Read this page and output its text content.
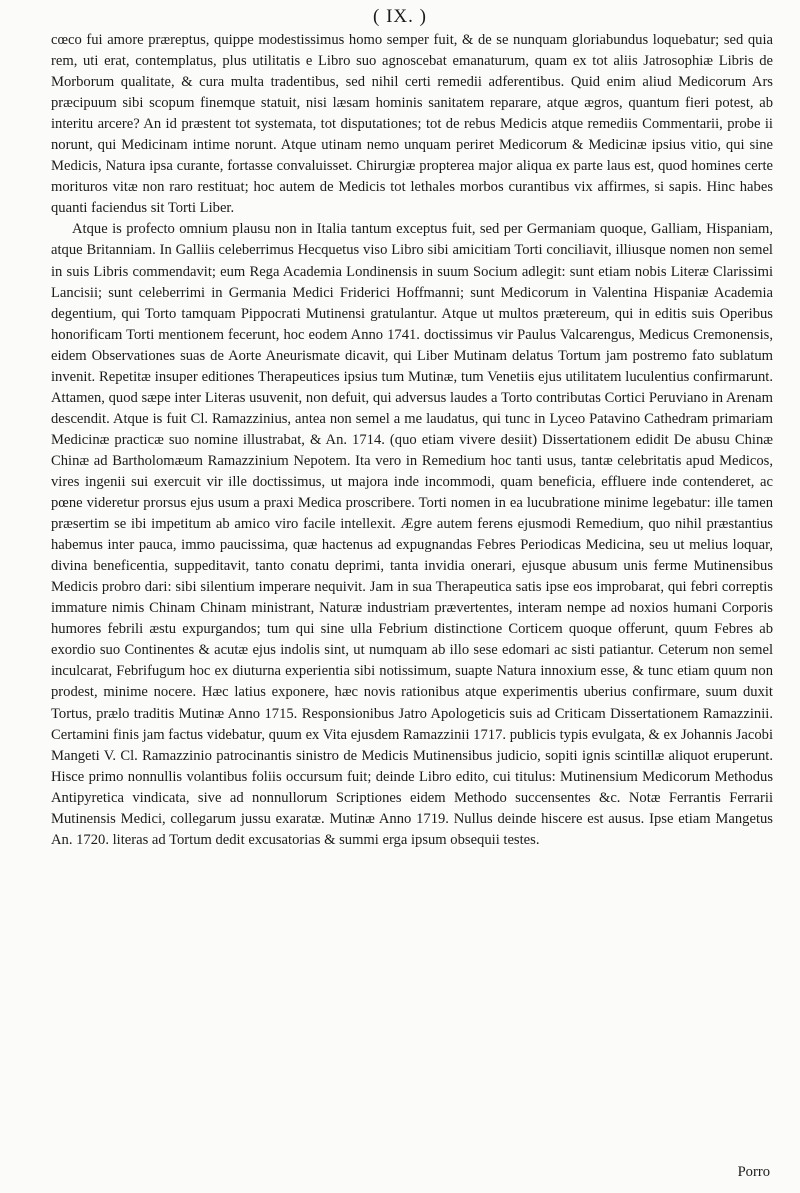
( IX. )

cœco fui amore præreptus, quippe modestissimus homo semper fuit, & de se nunquam gloriabundus loquebatur; sed quia rem, uti erat, contemplatus, plus utilitatis e Libro suo agnoscebat emanaturum, quam ex tot aliis Jatrosophiæ Libris de Morborum qualitate, & cura multa tradentibus, sed nihil certi remedii adferentibus. Quid enim aliud Medicorum Ars præcipuum sibi scopum finemque statuit, nisi læsam hominis sanitatem reparare, atque ægros, quantum fieri potest, ab interitu arcere? An id præstent tot systemata, tot disputationes; tot de rebus Medicis atque remediis Commentarii, probe ii norunt, qui Medicinam intime norunt. Atque utinam nemo unquam periret Medicorum & Medicinæ ipsius vitio, qui sine Medicis, Natura ipsa curante, fortasse convaluisset. Chirurgiæ propterea major aliqua ex parte laus est, quod homines certe morituros vitæ non raro restituat; hoc autem de Medicis tot lethales morbos curantibus vix affirmes, si sapis. Hinc habes quanti faciendus sit Torti Liber.

Atque is profecto omnium plausu non in Italia tantum exceptus fuit, sed per Germaniam quoque, Galliam, Hispaniam, atque Britanniam. In Galliis celeberrimus Hecquetus viso Libro sibi amicitiam Torti conciliavit, illiusque nomen non semel in suis Libris commendavit; eum Rega Academia Londinensis in suum Socium adlegit: sunt etiam nobis Literæ Clarissimi Lancisii; sunt celeberrimi in Germania Medici Friderici Hoffmanni; sunt Medicorum in Valentina Hispaniæ Academia degentium, qui Torto tamquam Pippocrati Mutinensi gratulantur. Atque ut multos prætereum, qui in editis suis Operibus honorificam Torti mentionem fecerunt, hoc eodem Anno 1741. doctissimus vir Paulus Valcarengus, Medicus Cremonensis, eidem Observationes suas de Aorte Aneurismate dicavit, qui Liber Mutinam delatus Tortum jam postremo fato sublatum invenit. Repetitæ insuper editiones Therapeutices ipsius tum Mutinæ, tum Venetiis ejus utilitatem luculentius confirmarunt. Attamen, quod sæpe inter Literas usuvenit, non defuit, qui adversus laudes a Torto contributas Cortici Peruviano in Arenam descendit. Atque is fuit Cl. Ramazzinius, antea non semel a me laudatus, qui tunc in Lyceo Patavino Cathedram primariam Medicinæ practicæ suo nomine illustrabat, & An. 1714. (quo etiam vivere desiit) Dissertationem edidit De abusu Chinæ Chinæ ad Bartholomæum Ramazzinium Nepotem. Ita vero in Remedium hoc tanti usus, tantæ celebritatis apud Medicos, vires ingenii sui exercuit vir ille doctissimus, ut majora inde incommodi, quam beneficia, effluere inde contenderet, ac pœne videretur prorsus ejus usum a praxi Medica proscribere. Torti nomen in ea lucubratione minime legebatur: ille tamen præsertim se ibi impetitum ab amico viro facile intellexit. Ægre autem ferens ejusmodi Remedium, quo nihil præstantius habemus inter pauca, immo paucissima, quæ hactenus ad expugnandas Febres Periodicas Medicina, seu ut melius loquar, divina beneficentia, suppeditavit, tanto conatu deprimi, tanta invidia onerari, ejusque abusum unis ferme Mutinensibus Medicis probro dari: sibi silentium imperare nequivit. Jam in sua Therapeutica satis ipse eos improbarat, qui febri correptis immature nimis Chinam Chinam ministrant, Naturæ industriam prævertentes, interam nempe ad noxios humani Corporis humores febrili æstu expurgandos; tum qui sine ulla Febrium distinctione Corticem quoque offerunt, quum Febres ab exordio suo Continentes & acutæ ejus indolis sint, ut numquam ab illo sese edomari ac sisti patiantur. Ceterum non semel inculcarat, Febrifugum hoc ex diuturna experientia sibi notissimum, suapte Natura innoxium esse, & tunc etiam quum non prodest, minime nocere. Hæc latius exponere, hæc novis rationibus atque experimentis uberius confirmare, suum duxit Tortus, prælo traditis Mutinæ Anno 1715. Responsionibus Jatro Apologeticis suis ad Criticam Dissertationem Ramazzinii. Certamini finis jam factus videbatur, quum ex Vita ejusdem Ramazzinii 1717. publicis typis evulgata, & ex Johannis Jacobi Mangeti V. Cl. Ramazzinio patrocinantis sinistro de Medicis Mutinensibus judicio, sopiti ignis scintillæ aliquot eruperunt. Hisce primo nonnullis volantibus foliis occursum fuit; deinde Libro edito, cui titulus: Mutinensium Medicorum Methodus Antipyretica vindicata, sive ad nonnullorum Scriptiones eidem Methodo succensentes &c. Notæ Ferrantis Ferrarii Mutinensis Medici, collegarum jussu exaratæ. Mutinæ Anno 1719. Nullus deinde hiscere est ausus. Ipse etiam Mangetus An. 1720. literas ad Tortum dedit excusatorias & summi erga ipsum obsequii testes.

Porro
